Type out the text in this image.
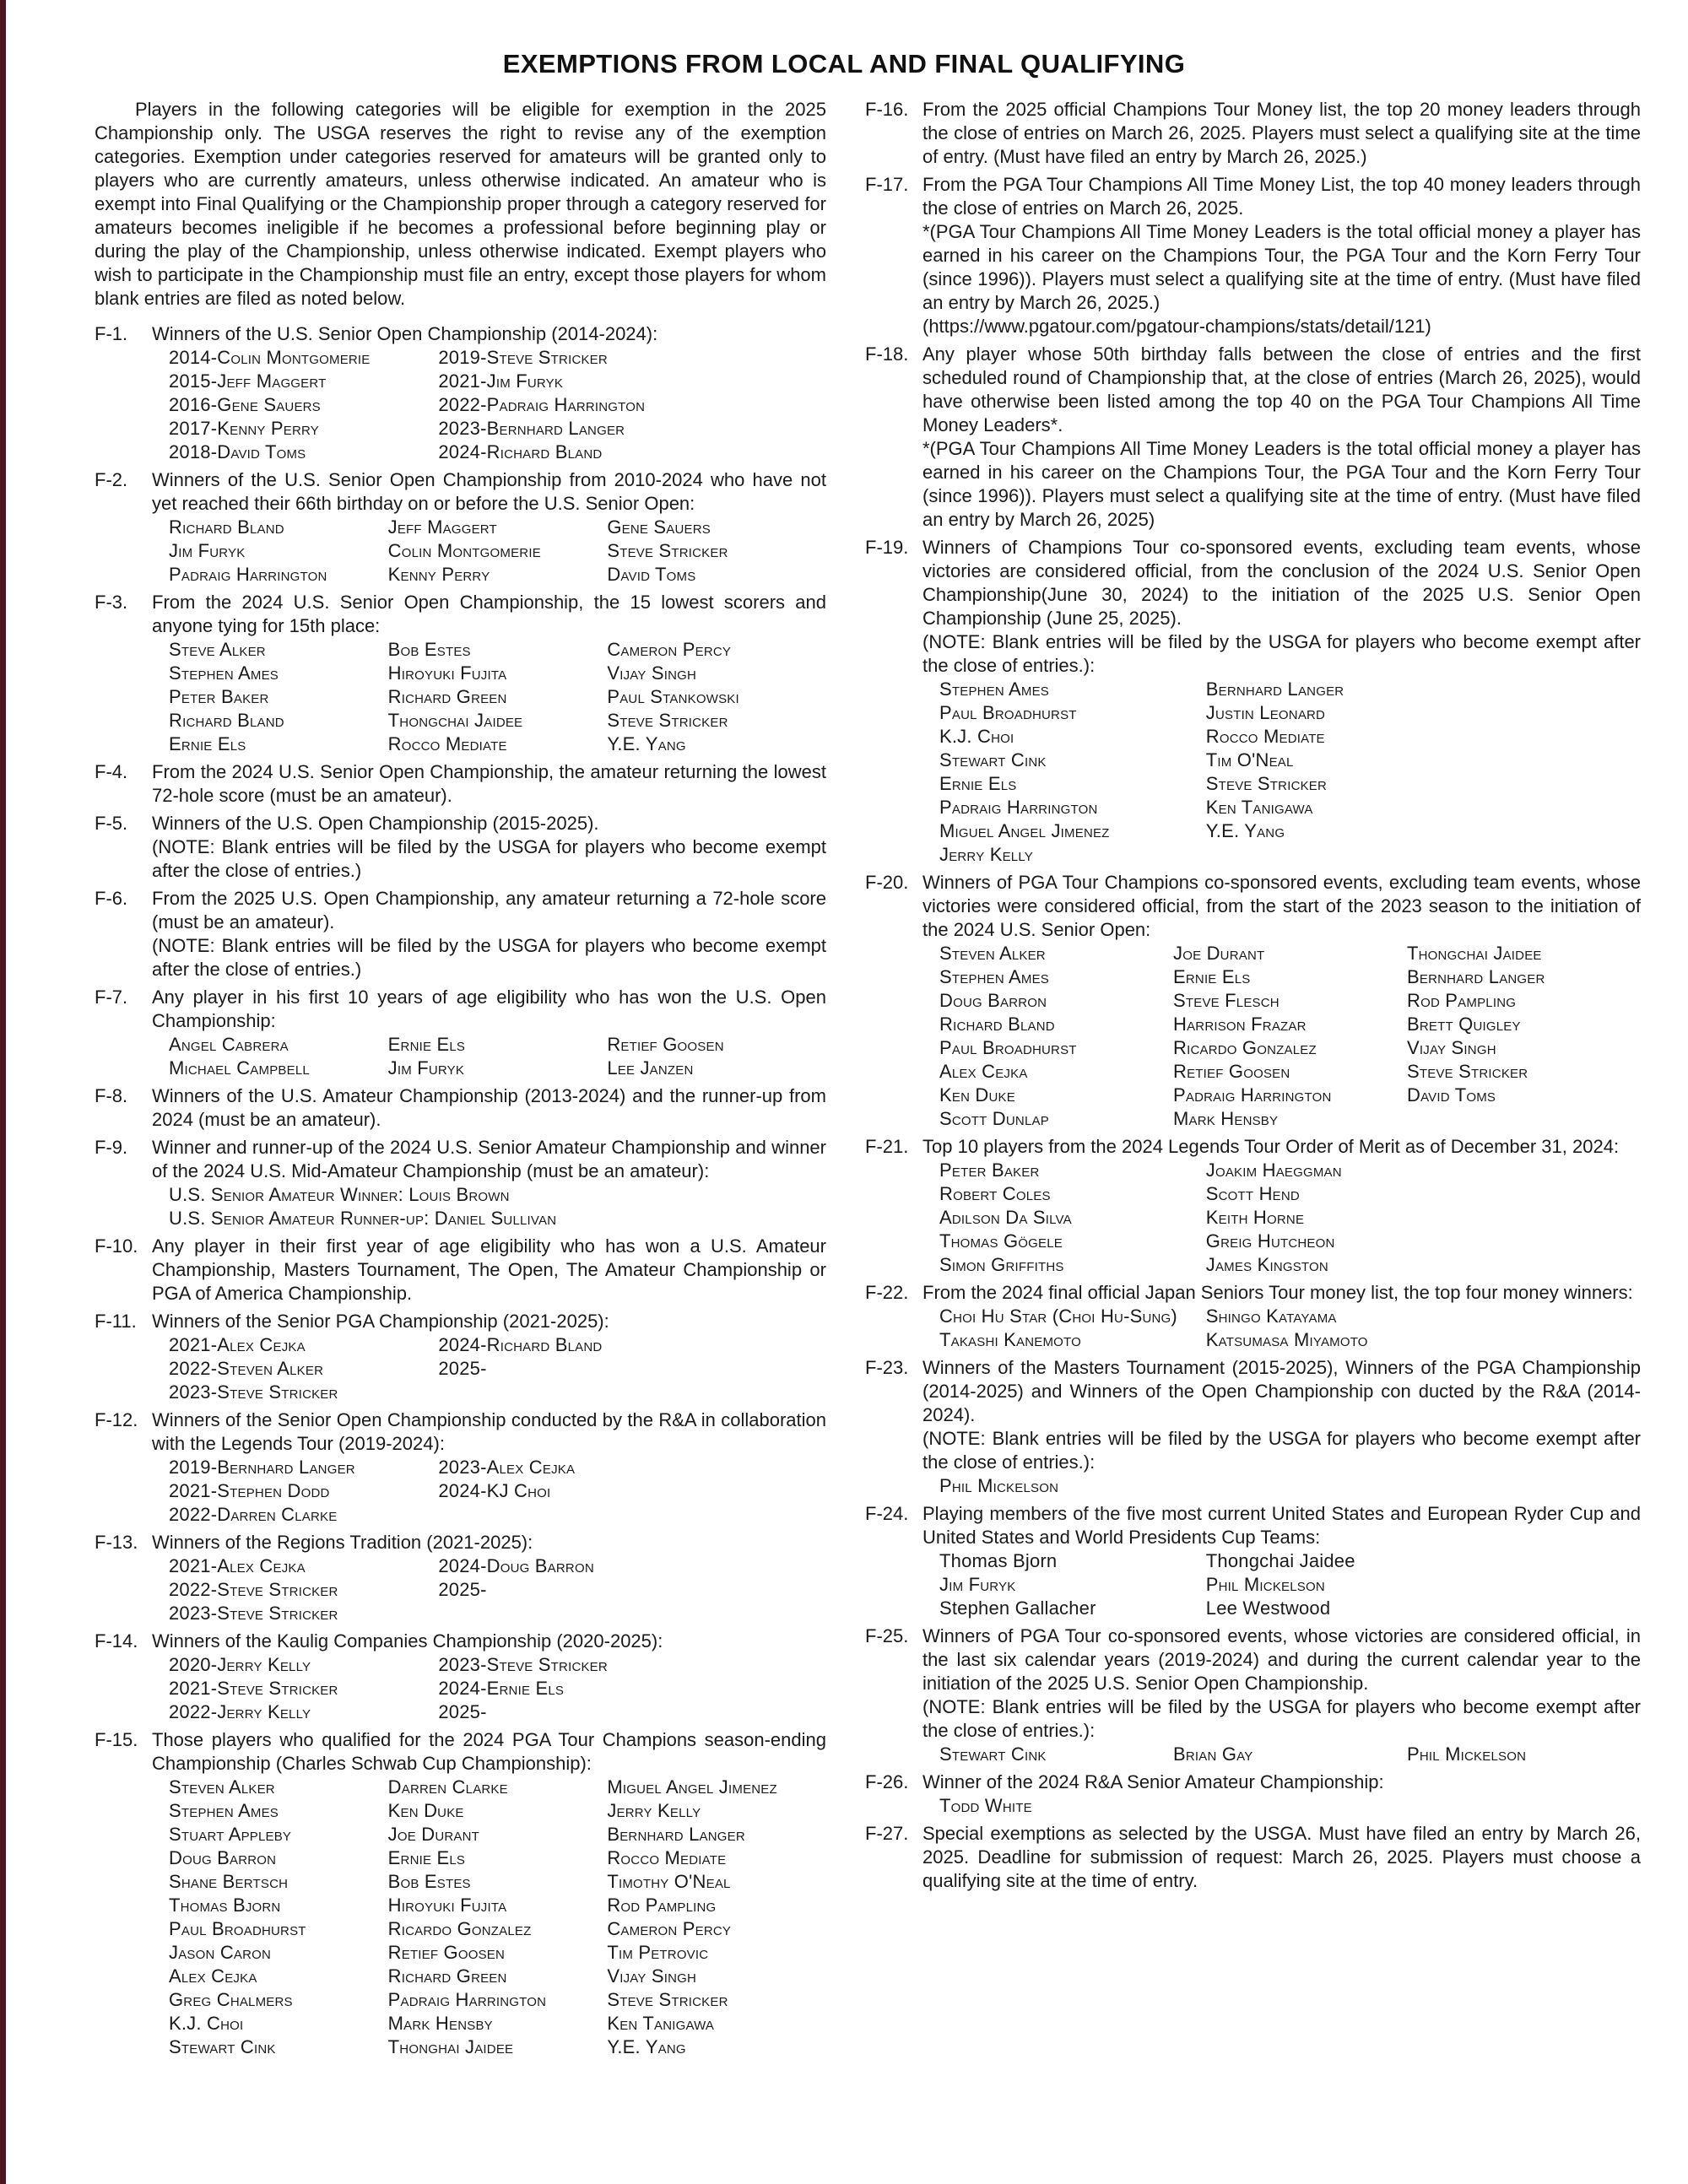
EXEMPTIONS FROM LOCAL AND FINAL QUALIFYING

Players in the following categories will be eligible for exemption in the 2025 Championship only. The USGA reserves the right to revise any of the exemption categories. Exemption under categories reserved for amateurs will be granted only to players who are currently amateurs, unless otherwise indicated. An amateur who is exempt into Final Qualifying or the Championship proper through a category reserved for amateurs becomes ineligible if he becomes a professional before beginning play or during the play of the Championship, unless otherwise indicated. Exempt players who wish to participate in the Championship must file an entry, except those players for whom blank entries are filed as noted below.

F-1. Winners of the U.S. Senior Open Championship (2014-2024):

2014-Colin Montgomerie
2015-Jeff Maggert
2016-Gene Sauers
2017-Kenny Perry
2018-David Toms
2019-Steve Stricker
2021-Jim Furyk
2022-Padraig Harrington
2023-Bernhard Langer
2024-Richard Bland
F-2. Winners of the U.S. Senior Open Championship from 2010-2024 who have not yet reached their 66th birthday on or before the U.S. Senior Open:

Richard Bland
Jim Furyk
Padraig Harrington
Jeff Maggert
Colin Montgomerie
Kenny Perry
Gene Sauers
Steve Stricker
David Toms
F-3. From the 2024 U.S. Senior Open Championship, the 15 lowest scorers and anyone tying for 15th place:

Steve Alker
Stephen Ames
Peter Baker
Richard Bland
Ernie Els
Bob Estes
Hiroyuki Fujita
Richard Green
Thongchai Jaidee
Rocco Mediate
Cameron Percy
Vijay Singh
Paul Stankowski
Steve Stricker
Y.E. Yang
F-4. From the 2024 U.S. Senior Open Championship, the amateur returning the lowest 72-hole score (must be an amateur).

F-5. Winners of the U.S. Open Championship (2015-2025).

(NOTE: Blank entries will be filed by the USGA for players who become exempt after the close of entries.)

F-6. From the 2025 U.S. Open Championship, any amateur returning a 72-hole score (must be an amateur).

(NOTE: Blank entries will be filed by the USGA for players who become exempt after the close of entries.)

F-7. Any player in his first 10 years of age eligibility who has won the U.S. Open Championship:

Angel Cabrera
Michael Campbell
Ernie Els
Jim Furyk
Retief Goosen
Lee Janzen
F-8. Winners of the U.S. Amateur Championship (2013-2024) and the runner-up from 2024 (must be an amateur).

F-9. Winner and runner-up of the 2024 U.S. Senior Amateur Championship and winner of the 2024 U.S. Mid-Amateur Championship (must be an amateur):

U.S. Senior Amateur Winner: Louis Brown
U.S. Senior Amateur Runner-up: Daniel Sullivan
F-10. Any player in their first year of age eligibility who has won a U.S. Amateur Championship, Masters Tournament, The Open, The Amateur Championship or PGA of America Championship.

F-11. Winners of the Senior PGA Championship (2021-2025):

2021-Alex Cejka
2022-Steven Alker
2023-Steve Stricker
2024-Richard Bland
2025-
F-12. Winners of the Senior Open Championship conducted by the R&A in collaboration with the Legends Tour (2019-2024):

2019-Bernhard Langer
2021-Stephen Dodd
2022-Darren Clarke
2023-Alex Cejka
2024-KJ Choi
F-13. Winners of the Regions Tradition (2021-2025):

2021-Alex Cejka
2022-Steve Stricker
2023-Steve Stricker
2024-Doug Barron
2025-
F-14. Winners of the Kaulig Companies Championship (2020-2025):

2020-Jerry Kelly
2021-Steve Stricker
2022-Jerry Kelly
2023-Steve Stricker
2024-Ernie Els
2025-
F-15. Those players who qualified for the 2024 PGA Tour Champions season-ending Championship (Charles Schwab Cup Championship):

Steven Alker
Stephen Ames
Stuart Appleby
Doug Barron
Shane Bertsch
Thomas Bjorn
Paul Broadhurst
Jason Caron
Alex Cejka
Greg Chalmers
K.J. Choi
Stewart Cink
Darren Clarke
Ken Duke
Joe Durant
Ernie Els
Bob Estes
Hiroyuki Fujita
Ricardo Gonzalez
Retief Goosen
Richard Green
Padraig Harrington
Mark Hensby
Thonghai Jaidee
Miguel Angel Jimenez
Jerry Kelly
Bernhard Langer
Rocco Mediate
Timothy O'Neal
Rod Pampling
Cameron Percy
Tim Petrovic
Vijay Singh
Steve Stricker
Ken Tanigawa
Y.E. Yang
F-16. From the 2025 official Champions Tour Money list, the top 20 money leaders through the close of entries on March 26, 2025. Players must select a qualifying site at the time of entry. (Must have filed an entry by March 26, 2025.)

F-17. From the PGA Tour Champions All Time Money List, the top 40 money leaders through the close of entries on March 26, 2025.

*(PGA Tour Champions All Time Money Leaders is the total official money a player has earned in his career on the Champions Tour, the PGA Tour and the Korn Ferry Tour (since 1996)). Players must select a qualifying site at the time of entry. (Must have filed an entry by March 26, 2025.)

(https://www.pgatour.com/pgatour-champions/stats/detail/121)

F-18. Any player whose 50th birthday falls between the close of entries and the first scheduled round of Championship that, at the close of entries (March 26, 2025), would have otherwise been listed among the top 40 on the PGA Tour Champions All Time Money Leaders*.

*(PGA Tour Champions All Time Money Leaders is the total official money a player has earned in his career on the Champions Tour, the PGA Tour and the Korn Ferry Tour (since 1996)). Players must select a qualifying site at the time of entry. (Must have filed an entry by March 26, 2025)

F-19. Winners of Champions Tour co-sponsored events, excluding team events, whose victories are considered official, from the conclusion of the 2024 U.S. Senior Open Championship(June 30, 2024) to the initiation of the 2025 U.S. Senior Open Championship (June 25, 2025).

(NOTE: Blank entries will be filed by the USGA for players who become exempt after the close of entries.):

Stephen Ames
Paul Broadhurst
K.J. Choi
Stewart Cink
Ernie Els
Padraig Harrington
Miguel Angel Jimenez
Jerry Kelly
Bernhard Langer
Justin Leonard
Rocco Mediate
Tim O'Neal
Steve Stricker
Ken Tanigawa
Y.E. Yang
F-20. Winners of PGA Tour Champions co-sponsored events, excluding team events, whose victories were considered official, from the start of the 2023 season to the initiation of the 2024 U.S. Senior Open:

Steven Alker
Stephen Ames
Doug Barron
Richard Bland
Paul Broadhurst
Alex Cejka
Ken Duke
Scott Dunlap
Joe Durant
Ernie Els
Steve Flesch
Harrison Frazar
Ricardo Gonzalez
Retief Goosen
Padraig Harrington
Mark Hensby
Thongchai Jaidee
Bernhard Langer
Rod Pampling
Brett Quigley
Vijay Singh
Steve Stricker
David Toms
F-21. Top 10 players from the 2024 Legends Tour Order of Merit as of December 31, 2024:

Peter Baker
Robert Coles
Adilson Da Silva
Thomas Gögele
Simon Griffiths
Joakim Haeggman
Scott Hend
Keith Horne
Greig Hutcheon
James Kingston
F-22. From the 2024 final official Japan Seniors Tour money list, the top four money winners:

Choi Hu Star (Choi Hu-Sung)
Takashi Kanemoto
Shingo Katayama
Katsumasa Miyamoto
F-23. Winners of the Masters Tournament (2015-2025), Winners of the PGA Championship (2014-2025) and Winners of the Open Championship con ducted by the R&A (2014-2024).

(NOTE: Blank entries will be filed by the USGA for players who become exempt after the close of entries.):

Phil Mickelson
F-24. Playing members of the five most current United States and European Ryder Cup and United States and World Presidents Cup Teams:

Thomas Bjorn
Jim Furyk
Stephen Gallacher
Thongchai Jaidee
Phil Mickelson
Lee Westwood
F-25. Winners of PGA Tour co-sponsored events, whose victories are considered official, in the last six calendar years (2019-2024) and during the current calendar year to the initiation of the 2025 U.S. Senior Open Championship.

(NOTE: Blank entries will be filed by the USGA for players who become exempt after the close of entries.):

Stewart Cink	Brian Gay	Phil Mickelson
F-26. Winner of the 2024 R&A Senior Amateur Championship:

Todd White
F-27. Special exemptions as selected by the USGA. Must have filed an entry by March 26, 2025. Deadline for submission of request: March 26, 2025. Players must choose a qualifying site at the time of entry.
